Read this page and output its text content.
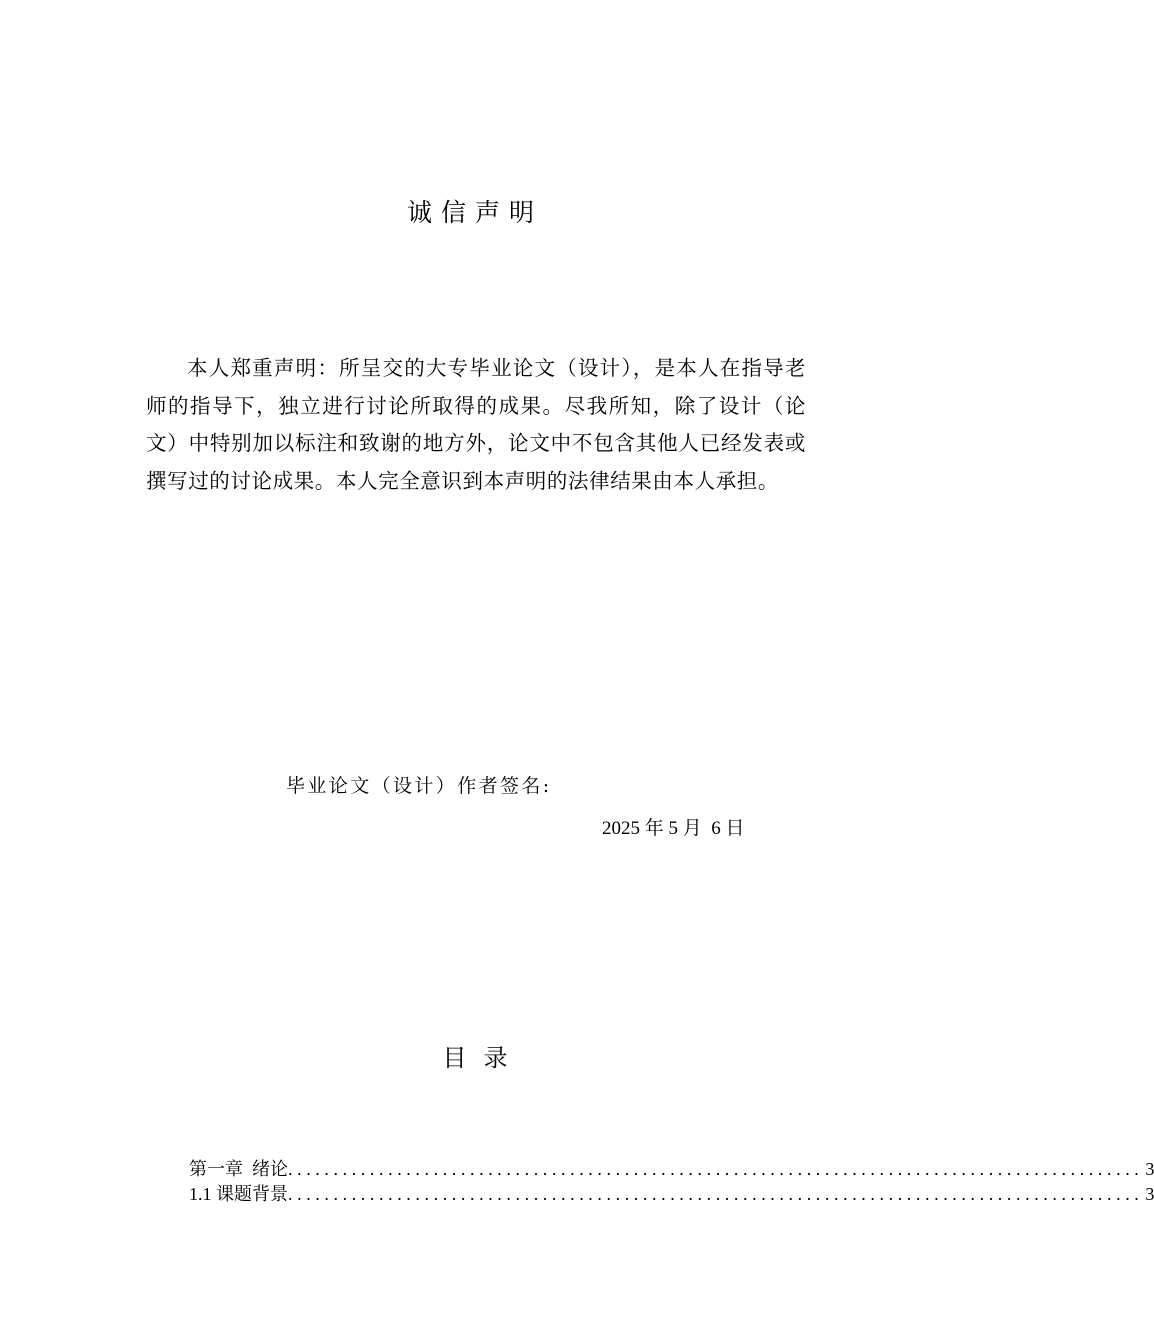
诚信声明

本人郑重声明：所呈交的大专毕业论文（设计），是本人在指导老师的指导下，独立进行讨论所取得的成果。尽我所知，除了设计（论文）中特别加以标注和致谢的地方外，论文中不包含其他人已经发表或撰写过的讨论成果。本人完全意识到本声明的法律结果由本人承担。

毕业论文（设计）作者签名:
2025 年 5 月 6 日
目录
第一章  绪论 .............................................................................................. 3
1.1 课题背景 .............................................................................................. 3
